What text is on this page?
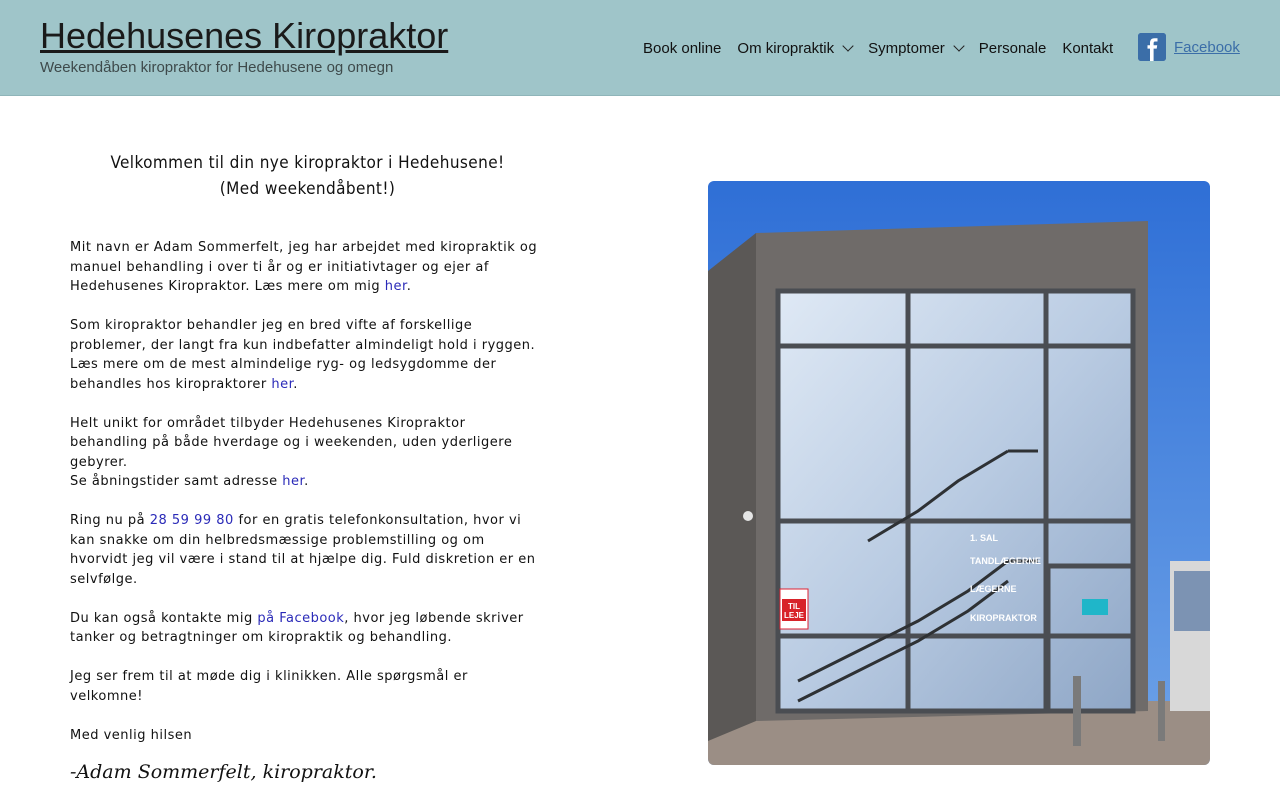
Hedehusenes Kiropraktor
Weekendåben kiropraktor for Hedehusene og omegn
Book online Om kiropraktik Symptomer Personale Kontakt	Facebook
Velkommen til din nye kiropraktor i Hedehusene!
(Med weekendåbent!)

Mit navn er Adam Sommerfelt, jeg har arbejdet med kiropraktik og manuel behandling i over ti år og er initiativtager og ejer af Hedehusenes Kiropraktor. Læs mere om mig her.

Som kiropraktor behandler jeg en bred vifte af forskellige problemer, der langt fra kun indbefatter almindeligt hold i ryggen. Læs mere om de mest almindelige ryg- og ledsygdomme der behandles hos kiropraktorer her.

Helt unikt for området tilbyder Hedehusenes Kiropraktor behandling på både hverdage og i weekenden, uden yderligere gebyrer.
Se åbningstider samt adresse her.

Ring nu på 28 59 99 80 for en gratis telefonkonsultation, hvor vi kan snakke om din helbredsmæssige problemstilling og om hvorvidt jeg vil være i stand til at hjælpe dig. Fuld diskretion er en selvfølge.

Du kan også kontakte mig på Facebook, hvor jeg løbende skriver tanker og betragtninger om kiropraktik og behandling.

Jeg ser frem til at møde dig i klinikken. Alle spørgsmål er velkomne!

Med venlig hilsen

-Adam Sommerfelt, kiropraktor.
1. SAL
TANDLÆGERNE
LÆGERNE
KIROPRAKTOR
TIL
LEJE
